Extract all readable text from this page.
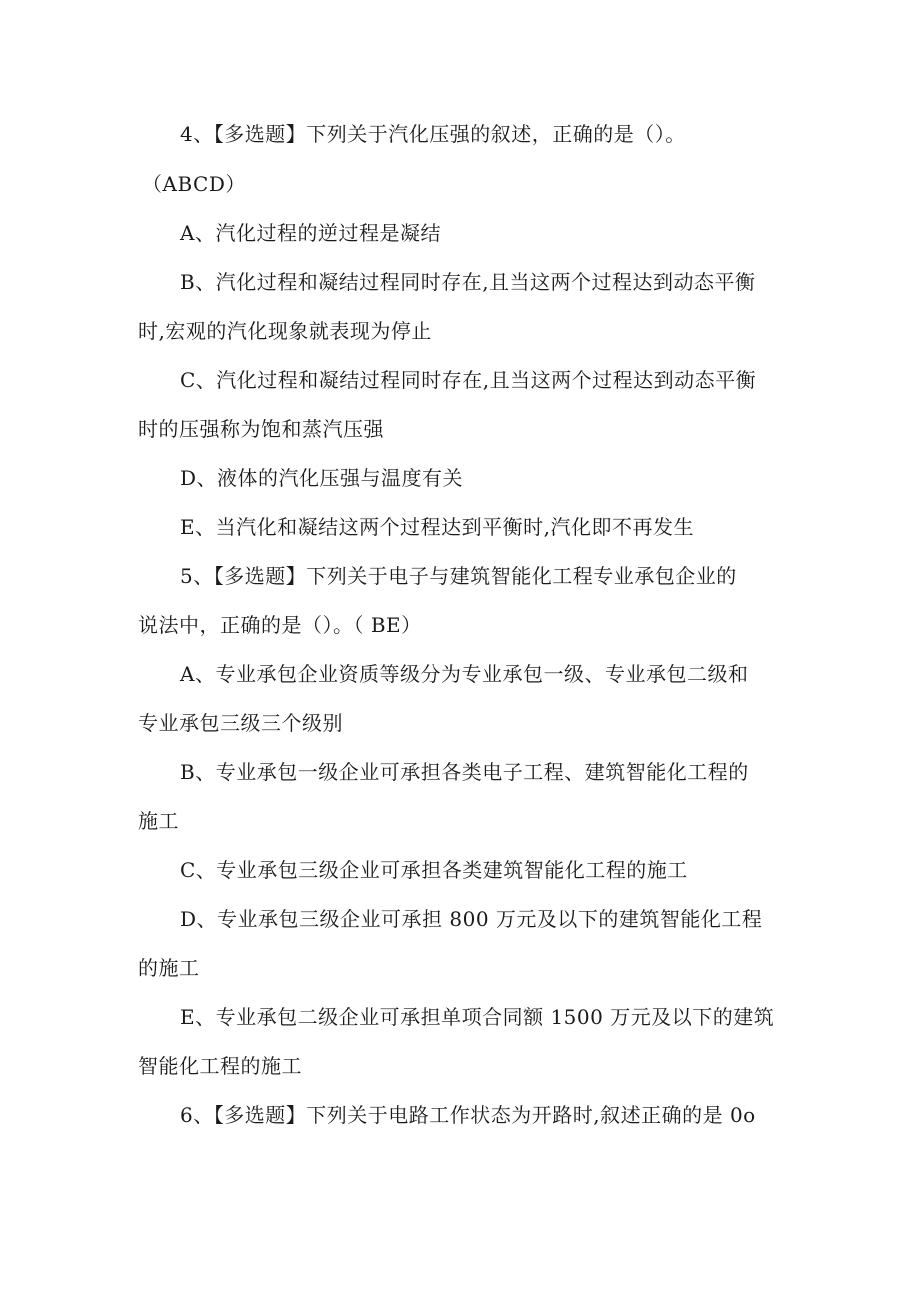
4、【多选题】下列关于汽化压强的叙述，正确的是（）。
（ABCD）
A、汽化过程的逆过程是凝结
B、汽化过程和凝结过程同时存在,且当这两个过程达到动态平衡
时,宏观的汽化现象就表现为停止
C、汽化过程和凝结过程同时存在,且当这两个过程达到动态平衡
时的压强称为饱和蒸汽压强
D、液体的汽化压强与温度有关
E、当汽化和凝结这两个过程达到平衡时,汽化即不再发生
5、【多选题】下列关于电子与建筑智能化工程专业承包企业的
说法中，正确的是（）。（ BE）
A、专业承包企业资质等级分为专业承包一级、专业承包二级和
专业承包三级三个级别
B、专业承包一级企业可承担各类电子工程、建筑智能化工程的
施工
C、专业承包三级企业可承担各类建筑智能化工程的施工
D、专业承包三级企业可承担 800 万元及以下的建筑智能化工程
的施工
E、专业承包二级企业可承担单项合同额 1500 万元及以下的建筑
智能化工程的施工
6、【多选题】下列关于电路工作状态为开路时,叙述正确的是 0o
